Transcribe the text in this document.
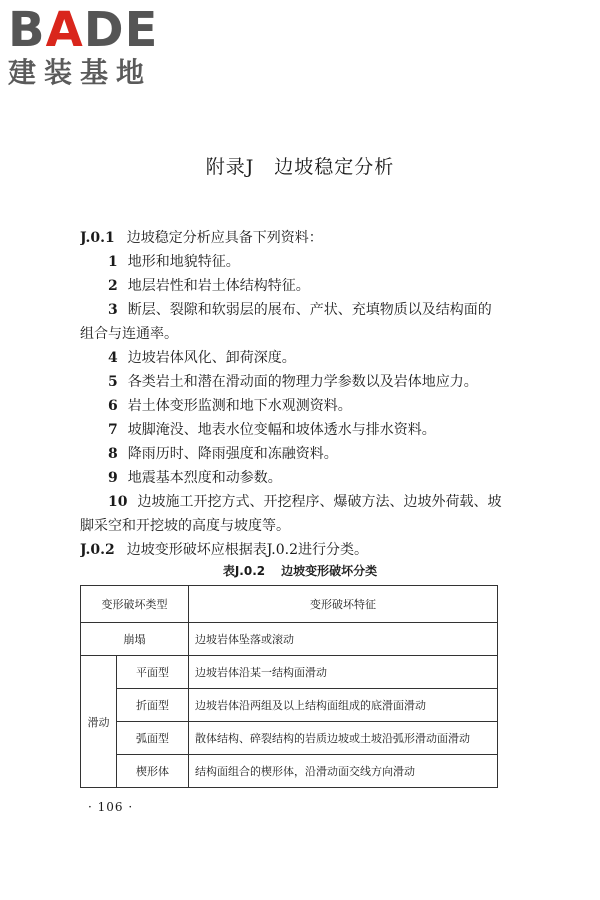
BADE
建装基地
附录J　边坡稳定分析
J.0.1 边坡稳定分析应具备下列资料：
1 地形和地貌特征。
2 地层岩性和岩土体结构特征。
3 断层、裂隙和软弱层的展布、产状、充填物质以及结构面的
组合与连通率。
4 边坡岩体风化、卸荷深度。
5 各类岩土和潜在滑动面的物理力学参数以及岩体地应力。
6 岩土体变形监测和地下水观测资料。
7 坡脚淹没、地表水位变幅和坡体透水与排水资料。
8 降雨历时、降雨强度和冻融资料。
9 地震基本烈度和动参数。
10 边坡施工开挖方式、开挖程序、爆破方法、边坡外荷载、坡
脚采空和开挖坡的高度与坡度等。
J.0.2 边坡变形破坏应根据表J.0.2进行分类。
表J.0.2 边坡变形破坏分类
变形破坏类型		变形破坏特征
崩塌		边坡岩体坠落或滚动
滑动	平面型	边坡岩体沿某一结构面滑动
	折面型	边坡岩体沿两组及以上结构面组成的底滑面滑动
	弧面型	散体结构、碎裂结构的岩质边坡或土坡沿弧形滑动面滑动
	楔形体	结构面组合的楔形体，沿滑动面交线方向滑动
· 106 ·
